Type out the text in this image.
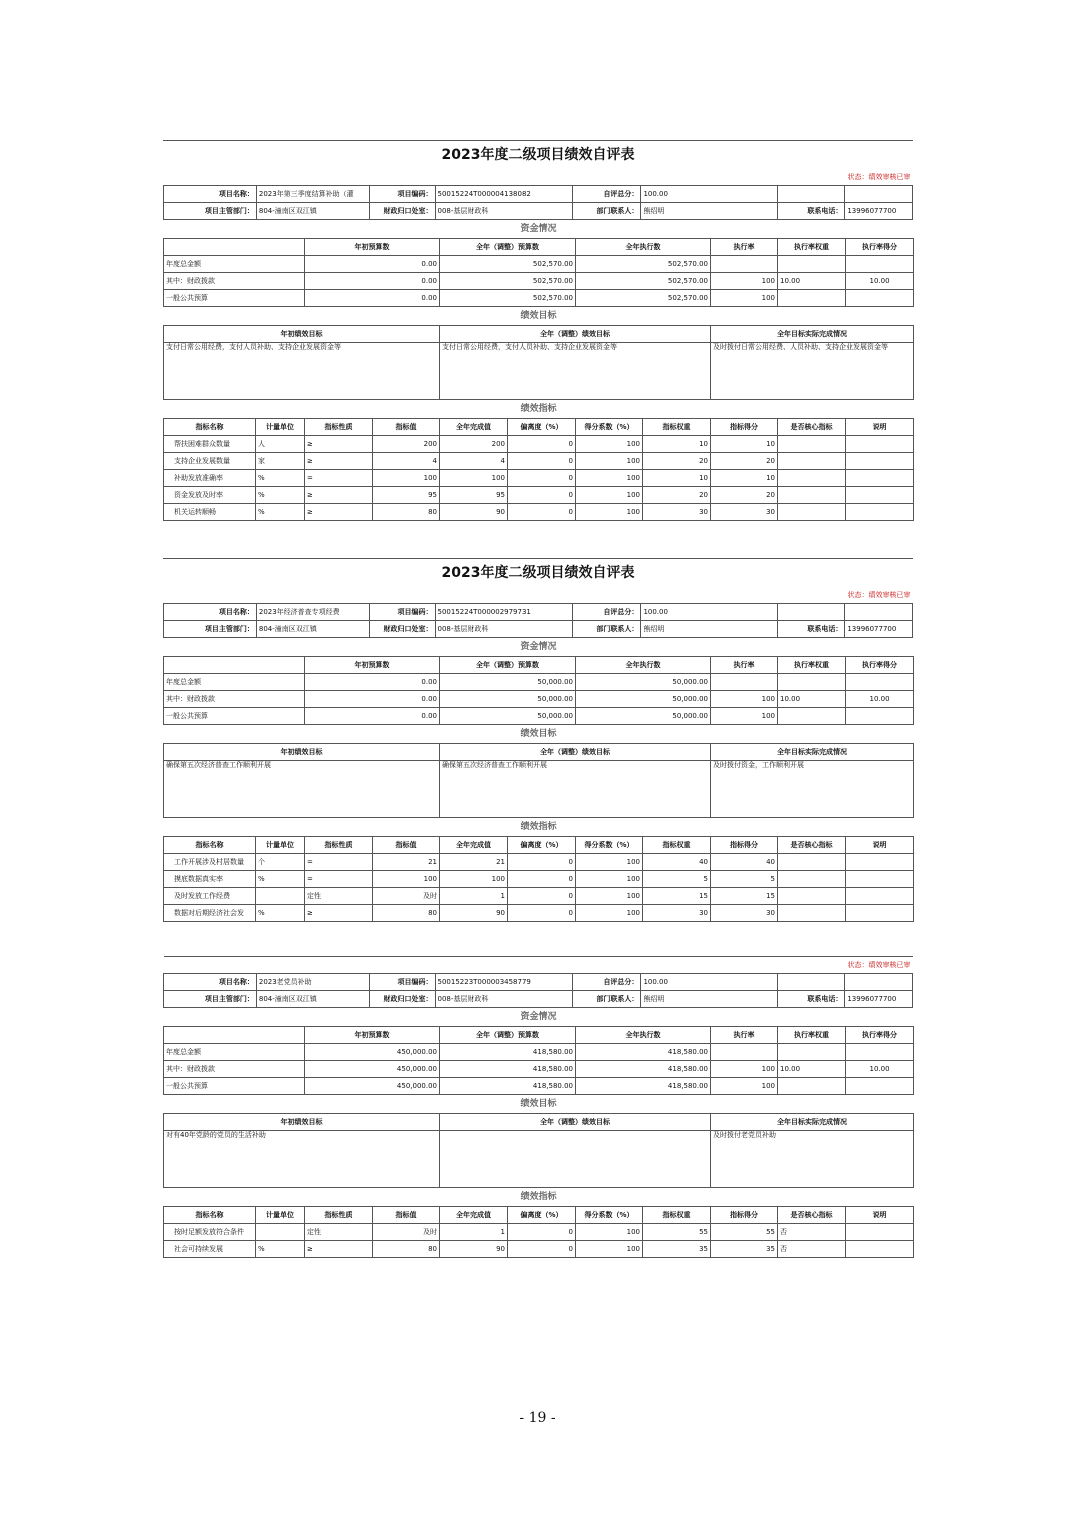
2023年度二级项目绩效自评表
状态：绩效审核已审							
项目名称：	2023年第三季度结算补助（灌	项目编码：	50015224T000004138082	自评总分：	100.00		
项目主管部门：	804-潼南区双江镇	财政归口处室：	008-基层财政科	部门联系人：	熊绍明	联系电话：	13996077700
资金情况						
	年初预算数	全年（调整）预算数	全年执行数	执行率	执行率权重	执行率得分
年度总金额	0.00	502,570.00	502,570.00			
其中：财政拨款	0.00	502,570.00	502,570.00	100	10.00	10.00
一般公共预算	0.00	502,570.00	502,570.00	100		
绩效目标		
年初绩效目标	全年（调整）绩效目标	全年目标实际完成情况
支付日常公用经费，支付人员补助、支持企业发展资金等	支付日常公用经费，支付人员补助、支持企业发展资金等	及时拨付日常公用经费、人员补助、支持企业发展资金等
绩效指标										
指标名称	计量单位	指标性质	指标值	全年完成值	偏离度（%）	得分系数（%）	指标权重	指标得分	是否核心指标	说明
帮扶困难群众数量	人	≥	200	200	0	100	10	10		
支持企业发展数量	家	≥	4	4	0	100	20	20		
补助发放准确率	%	=	100	100	0	100	10	10		
资金发放及时率	%	≥	95	95	0	100	20	20		
机关运转顺畅	%	≥	80	90	0	100	30	30		
2023年度二级项目绩效自评表
状态：绩效审核已审							
项目名称：	2023年经济普查专项经费	项目编码：	50015224T000002979731	自评总分：	100.00		
项目主管部门：	804-潼南区双江镇	财政归口处室：	008-基层财政科	部门联系人：	熊绍明	联系电话：	13996077700
资金情况						
	年初预算数	全年（调整）预算数	全年执行数	执行率	执行率权重	执行率得分
年度总金额	0.00	50,000.00	50,000.00			
其中：财政拨款	0.00	50,000.00	50,000.00	100	10.00	10.00
一般公共预算	0.00	50,000.00	50,000.00	100		
绩效目标		
年初绩效目标	全年（调整）绩效目标	全年目标实际完成情况
确保第五次经济普查工作顺利开展	确保第五次经济普查工作顺利开展	及时拨付资金，工作顺利开展
绩效指标										
指标名称	计量单位	指标性质	指标值	全年完成值	偏离度（%）	得分系数（%）	指标权重	指标得分	是否核心指标	说明
工作开展涉及村居数量	个	=	21	21	0	100	40	40		
摸底数据真实率	%	=	100	100	0	100	5	5		
及时发放工作经费		定性	及时	1	0	100	15	15		
数据对后期经济社会发	%	≥	80	90	0	100	30	30		
状态：绩效审核已审							
项目名称：	2023老党员补助	项目编码：	50015223T000003458779	自评总分：	100.00		
项目主管部门：	804-潼南区双江镇	财政归口处室：	008-基层财政科	部门联系人：	熊绍明	联系电话：	13996077700
资金情况						
	年初预算数	全年（调整）预算数	全年执行数	执行率	执行率权重	执行率得分
年度总金额	450,000.00	418,580.00	418,580.00			
其中：财政拨款	450,000.00	418,580.00	418,580.00	100	10.00	10.00
一般公共预算	450,000.00	418,580.00	418,580.00	100		
绩效目标		
年初绩效目标	全年（调整）绩效目标	全年目标实际完成情况
对有40年党龄的党员的生活补助		及时拨付老党员补助
绩效指标										
指标名称	计量单位	指标性质	指标值	全年完成值	偏离度（%）	得分系数（%）	指标权重	指标得分	是否核心指标	说明
按时足额发放符合条件		定性	及时	1	0	100	55	55	否	
社会可持续发展	%	≥	80	90	0	100	35	35	否	
- 19 -
